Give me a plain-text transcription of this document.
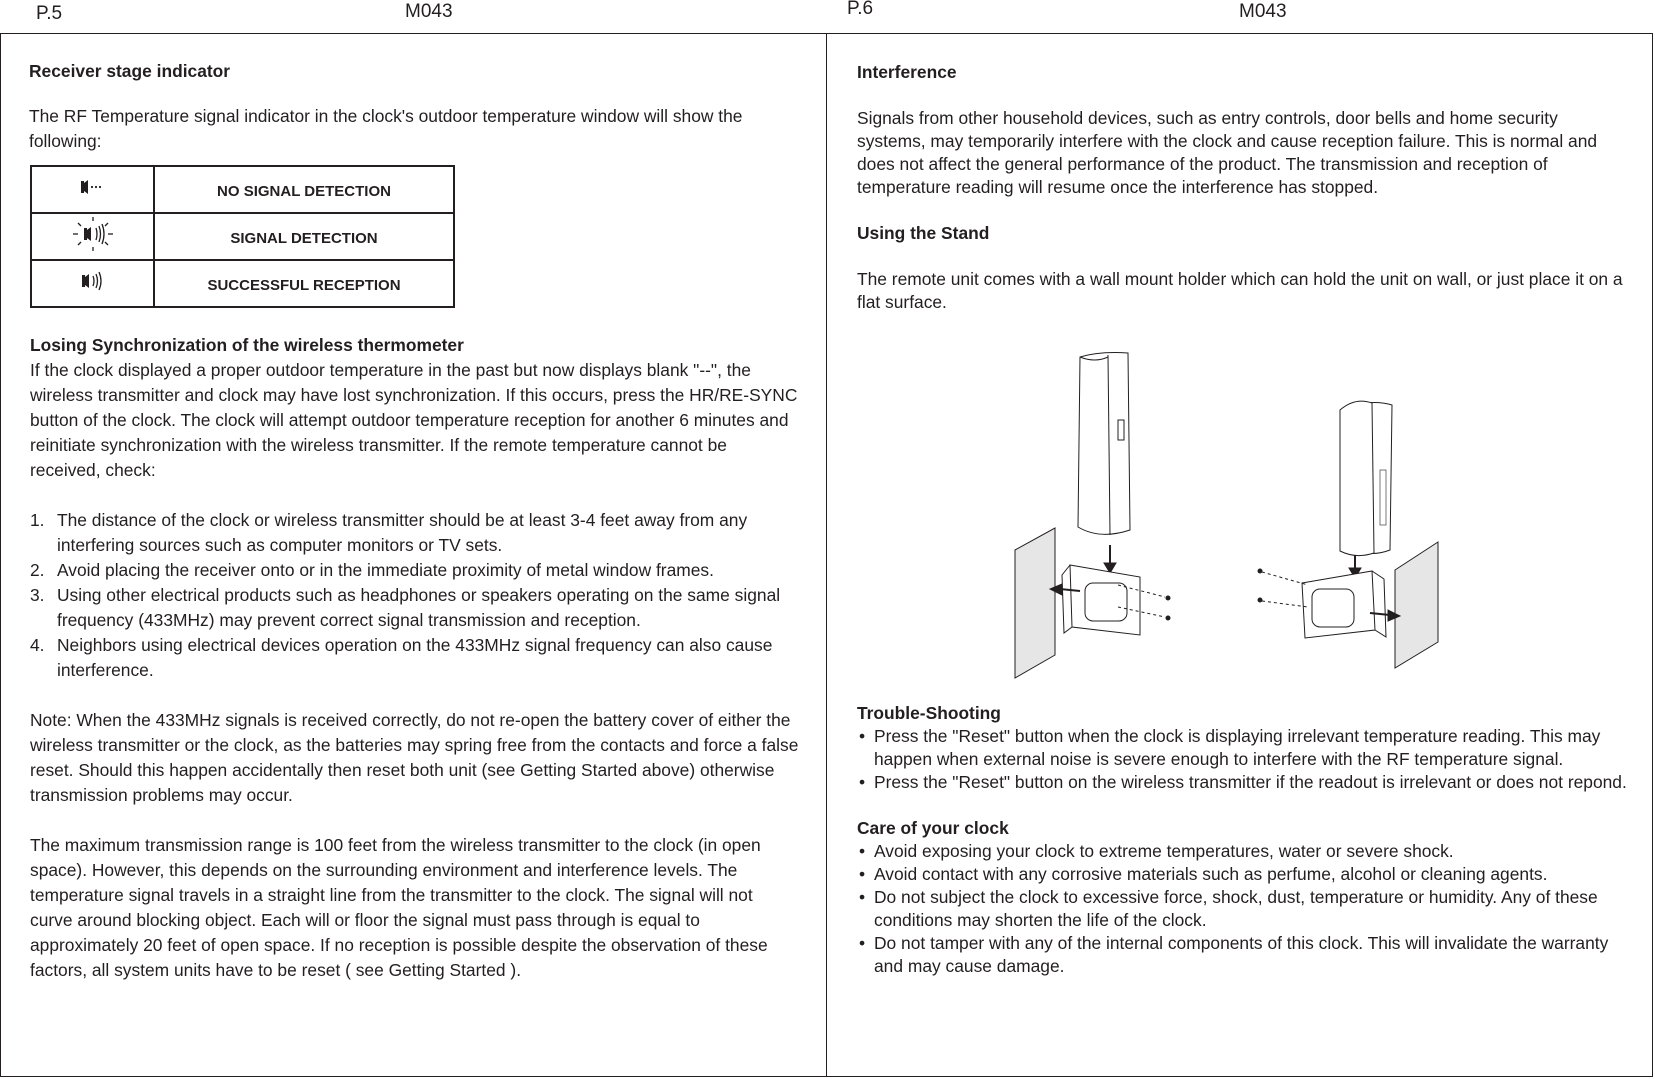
P.5	M043	P.6	M043

Receiver stage indicator

The RF Temperature signal indicator in the clock's outdoor temperature window will show the following:

	NO SIGNAL DETECTION
	SIGNAL DETECTION
	SUCCESSFUL RECEPTION

Losing Synchronization of the wireless thermometer

If the clock displayed a proper outdoor temperature in the past but now displays blank "--", the wireless transmitter and clock may have lost synchronization. If this occurs, press the HR/RE-SYNC button of the clock. The clock will attempt outdoor temperature reception for another 6 minutes and reinitiate synchronization with the wireless transmitter. If the remote temperature cannot be received, check:

1. The distance of the clock or wireless transmitter should be at least 3-4 feet away from any interfering sources such as computer monitors or TV sets.
2. Avoid placing the receiver onto or in the immediate proximity of metal window frames.
3. Using other electrical products such as headphones or speakers operating on the same signal frequency (433MHz) may prevent correct signal transmission and reception.
4. Neighbors using electrical devices operation on the 433MHz signal frequency can also cause interference.

Note: When the 433MHz signals is received correctly, do not re-open the battery cover of either the wireless transmitter or the clock, as the batteries may spring free from the contacts and force a false reset. Should this happen accidentally then reset both unit (see Getting Started above) otherwise transmission problems may occur.

The maximum transmission range is 100 feet from the wireless transmitter to the clock (in open space). However, this depends on the surrounding environment and interference levels. The temperature signal travels in a straight line from the transmitter to the clock. The signal will not curve around blocking object. Each will or floor the signal must pass through is equal to approximately 20 feet of open space. If no reception is possible despite the observation of these factors, all system units have to be reset ( see Getting Started ).

Interference

Signals from other household devices, such as entry controls, door bells and home security systems, may temporarily interfere with the clock and cause reception failure. This is normal and does not affect the general performance of the product. The transmission and reception of temperature reading will resume once the interference has stopped.

Using the Stand

The remote unit comes with a wall mount holder which can hold the unit on wall, or just place it on a flat surface.

Trouble-Shooting

• Press the "Reset" button when the clock is displaying irrelevant temperature reading. This may happen when external noise is severe enough to interfere with the RF temperature signal.
• Press the "Reset" button on the wireless transmitter if the readout is irrelevant or does not repond.

Care of your clock

• Avoid exposing your clock to extreme temperatures, water or severe shock.
• Avoid contact with any corrosive materials such as perfume, alcohol or cleaning agents.
• Do not subject the clock to excessive force, shock, dust, temperature or humidity. Any of these conditions may shorten the life of the clock.
• Do not tamper with any of the internal components of this clock. This will invalidate the warranty and may cause damage.
